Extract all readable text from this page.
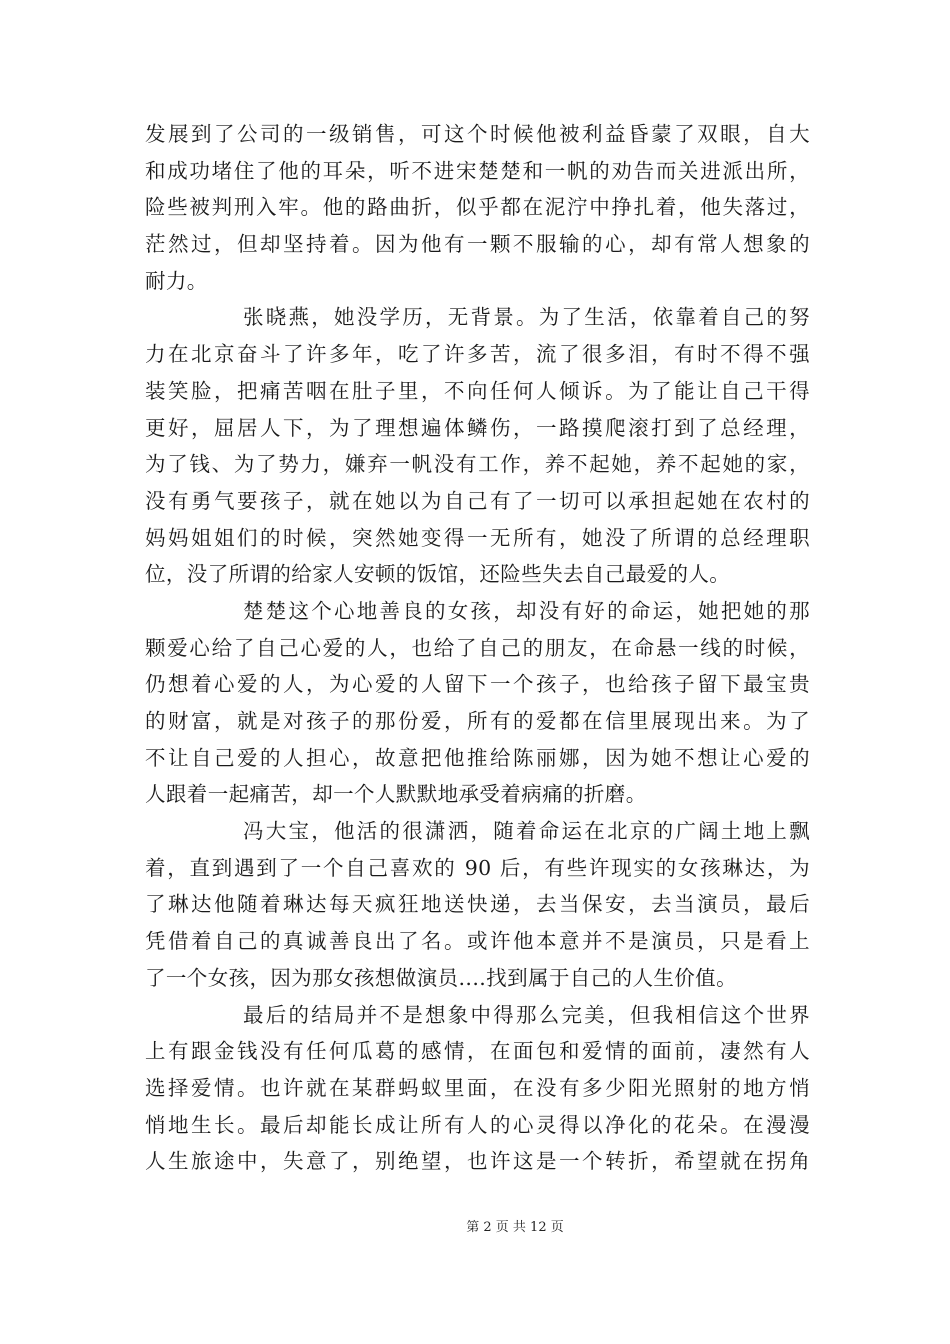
发展到了公司的一级销售，可这个时候他被利益昏蒙了双眼，自大
和成功堵住了他的耳朵，听不进宋楚楚和一帆的劝告而关进派出所，
险些被判刑入牢。他的路曲折，似乎都在泥泞中挣扎着，他失落过，
茫然过，但却坚持着。因为他有一颗不服输的心，却有常人想象的
耐力。
张晓燕，她没学历，无背景。为了生活，依靠着自己的努
力在北京奋斗了许多年，吃了许多苦，流了很多泪，有时不得不强
装笑脸，把痛苦咽在肚子里，不向任何人倾诉。为了能让自己干得
更好，屈居人下，为了理想遍体鳞伤，一路摸爬滚打到了总经理，
为了钱、为了势力，嫌弃一帆没有工作，养不起她，养不起她的家，
没有勇气要孩子，就在她以为自己有了一切可以承担起她在农村的
妈妈姐姐们的时候，突然她变得一无所有，她没了所谓的总经理职
位，没了所谓的给家人安顿的饭馆，还险些失去自己最爱的人。
楚楚这个心地善良的女孩，却没有好的命运，她把她的那
颗爱心给了自己心爱的人，也给了自己的朋友，在命悬一线的时候，
仍想着心爱的人，为心爱的人留下一个孩子，也给孩子留下最宝贵
的财富，就是对孩子的那份爱，所有的爱都在信里展现出来。为了
不让自己爱的人担心，故意把他推给陈丽娜，因为她不想让心爱的
人跟着一起痛苦，却一个人默默地承受着病痛的折磨。
冯大宝，他活的很潇洒，随着命运在北京的广阔土地上飘
着，直到遇到了一个自己喜欢的 90 后，有些许现实的女孩琳达，为
了琳达他随着琳达每天疯狂地送快递，去当保安，去当演员，最后
凭借着自己的真诚善良出了名。或许他本意并不是演员，只是看上
了一个女孩，因为那女孩想做演员....找到属于自己的人生价值。
最后的结局并不是想象中得那么完美，但我相信这个世界
上有跟金钱没有任何瓜葛的感情，在面包和爱情的面前，凄然有人
选择爱情。也许就在某群蚂蚁里面，在没有多少阳光照射的地方悄
悄地生长。最后却能长成让所有人的心灵得以净化的花朵。在漫漫
人生旅途中，失意了，别绝望，也许这是一个转折，希望就在拐角
第 2 页 共 12 页
